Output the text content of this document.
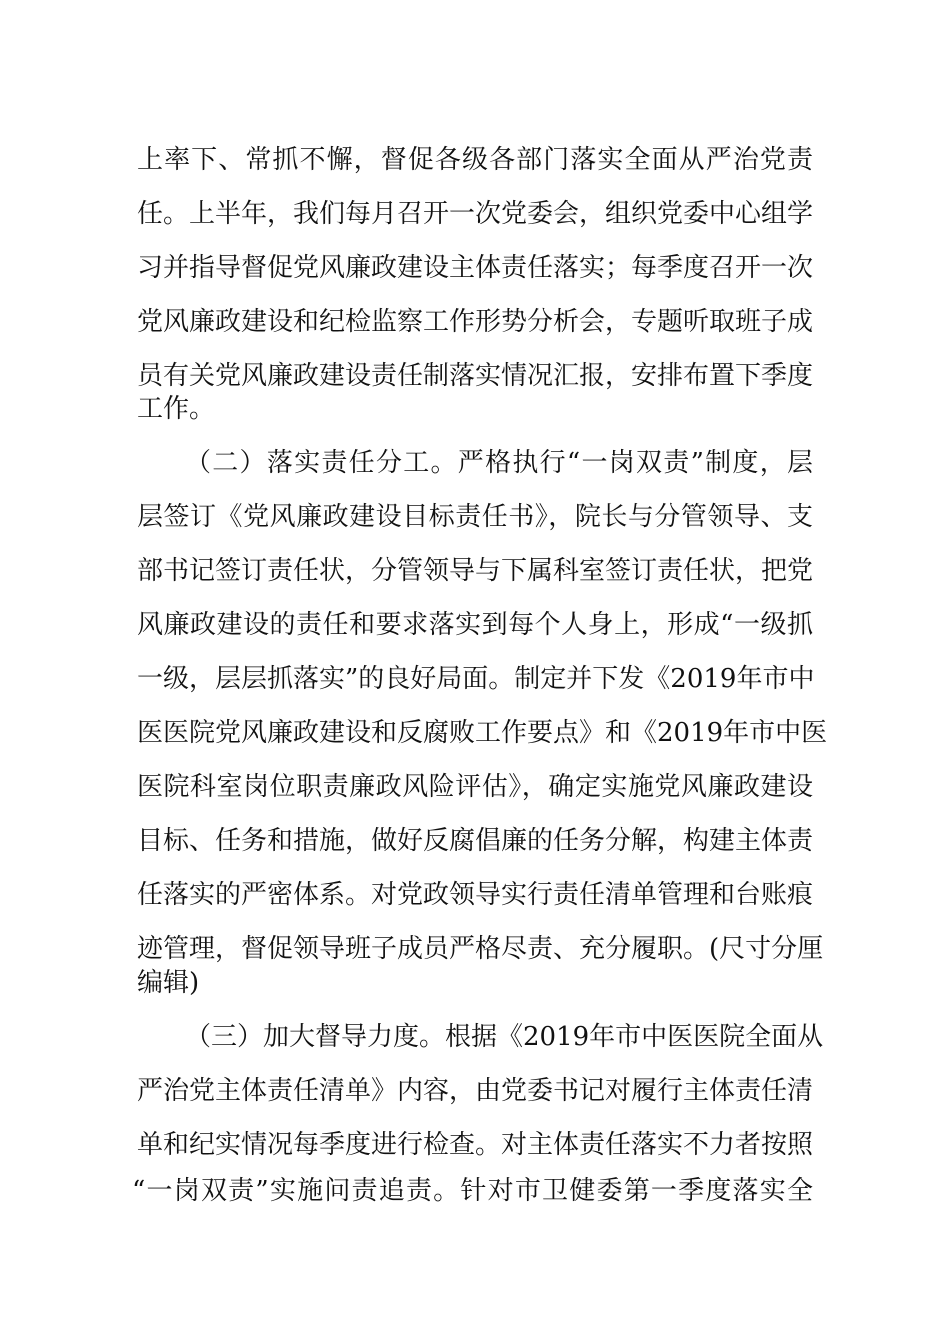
上率下、常抓不懈，督促各级各部门落实全面从严治党责
任。上半年，我们每月召开一次党委会，组织党委中心组学
习并指导督促党风廉政建设主体责任落实；每季度召开一次
党风廉政建设和纪检监察工作形势分析会，专题听取班子成
员有关党风廉政建设责任制落实情况汇报，安排布置下季度
工作。
（二）落实责任分工。严格执行“一岗双责”制度，层
层签订《党风廉政建设目标责任书》，院长与分管领导、支
部书记签订责任状，分管领导与下属科室签订责任状，把党
风廉政建设的责任和要求落实到每个人身上，形成“一级抓
一级，层层抓落实”的良好局面。制定并下发《2019年市中
医医院党风廉政建设和反腐败工作要点》和《2019年市中医
医院科室岗位职责廉政风险评估》，确定实施党风廉政建设
目标、任务和措施，做好反腐倡廉的任务分解，构建主体责
任落实的严密体系。对党政领导实行责任清单管理和台账痕
迹管理，督促领导班子成员严格尽责、充分履职。(尺寸分厘
编辑)
（三）加大督导力度。根据《2019年市中医医院全面从
严治党主体责任清单》内容，由党委书记对履行主体责任清
单和纪实情况每季度进行检查。对主体责任落实不力者按照
“一岗双责”实施问责追责。针对市卫健委第一季度落实全
